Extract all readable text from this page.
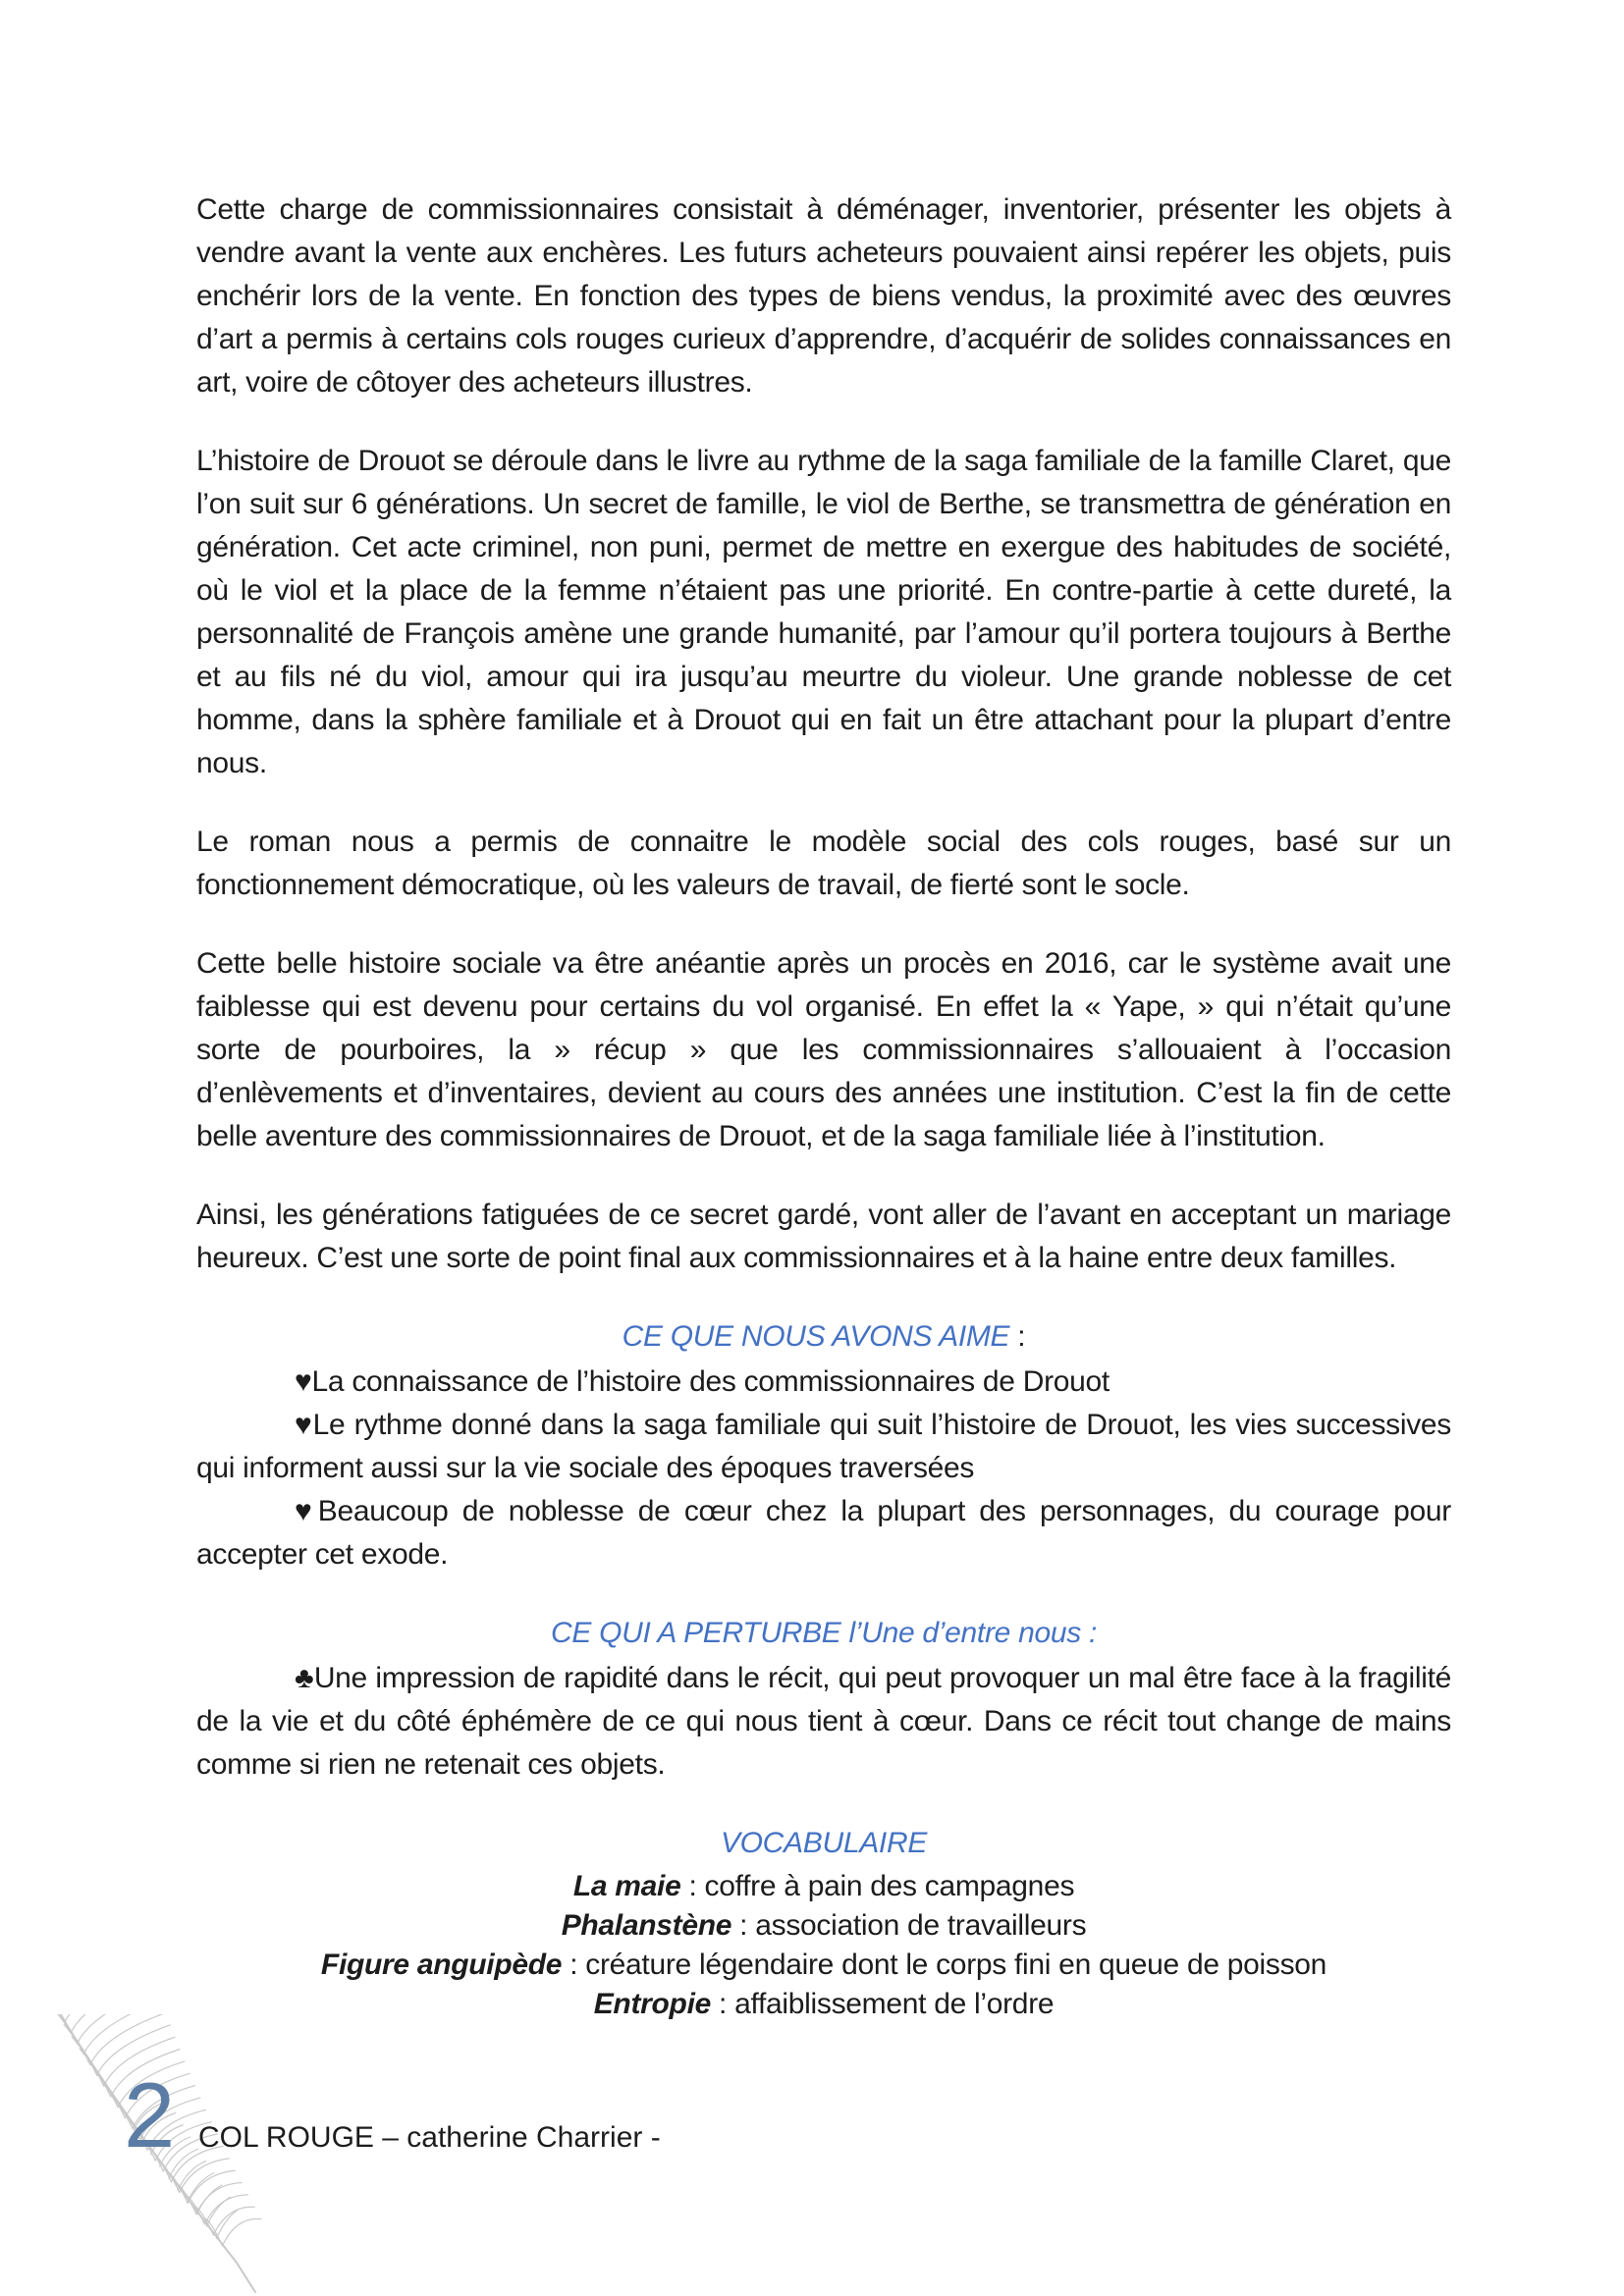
Cette charge de commissionnaires consistait à déménager, inventorier, présenter les objets à vendre avant la vente aux enchères. Les futurs acheteurs pouvaient ainsi repérer les objets, puis enchérir lors de la vente. En fonction des types de biens vendus, la proximité avec des œuvres d’art a permis à certains cols rouges curieux d’apprendre, d’acquérir de solides connaissances en art, voire de côtoyer des acheteurs illustres.

L’histoire de Drouot se déroule dans le livre au rythme de la saga familiale de la famille Claret, que l’on suit sur 6 générations. Un secret de famille, le viol de Berthe, se transmettra de génération en génération. Cet acte criminel, non puni, permet de mettre en exergue des habitudes de société, où le viol et la place de la femme n’étaient pas une priorité. En contre-partie à cette dureté, la personnalité de François amène une grande humanité, par l’amour qu’il portera toujours à Berthe et au fils né du viol, amour qui ira jusqu’au meurtre du violeur. Une grande noblesse de cet homme, dans la sphère familiale et à Drouot qui en fait un être attachant pour la plupart d’entre nous.

Le roman nous a permis de connaitre le modèle social des cols rouges, basé sur un fonctionnement démocratique, où les valeurs de travail, de fierté sont le socle.

Cette belle histoire sociale va être anéantie après un procès en 2016, car le système avait une faiblesse qui est devenu pour certains du vol organisé. En effet la « Yape, » qui n’était qu’une sorte de pourboires, la » récup » que les commissionnaires s’allouaient à l’occasion d’enlèvements et d’inventaires, devient au cours des années une institution. C’est la fin de cette belle aventure des commissionnaires de Drouot, et de la saga familiale liée à l’institution.

Ainsi, les générations fatiguées de ce secret gardé, vont aller de l’avant en acceptant un mariage heureux. C’est une sorte de point final aux commissionnaires et à la haine entre deux familles.

CE QUE NOUS AVONS AIME :

♥La connaissance de l’histoire des commissionnaires de Drouot

♥Le rythme donné dans la saga familiale qui suit l’histoire de Drouot, les vies successives qui informent aussi sur la vie sociale des époques traversées

♥Beaucoup de noblesse de cœur chez la plupart des personnages, du courage pour accepter cet exode.

CE QUI A PERTURBE l’Une d’entre nous :

♣Une impression de rapidité dans le récit, qui peut provoquer un mal être face à la fragilité de la vie et du côté éphémère de ce qui nous tient à cœur. Dans ce récit tout change de mains comme si rien ne retenait ces objets.

VOCABULAIRE

La maie : coffre à pain des campagnes

Phalanstène : association de travailleurs

Figure anguipède : créature légendaire dont le corps fini en queue de poisson

Entropie : affaiblissement de l’ordre

2 COL ROUGE – catherine Charrier -
